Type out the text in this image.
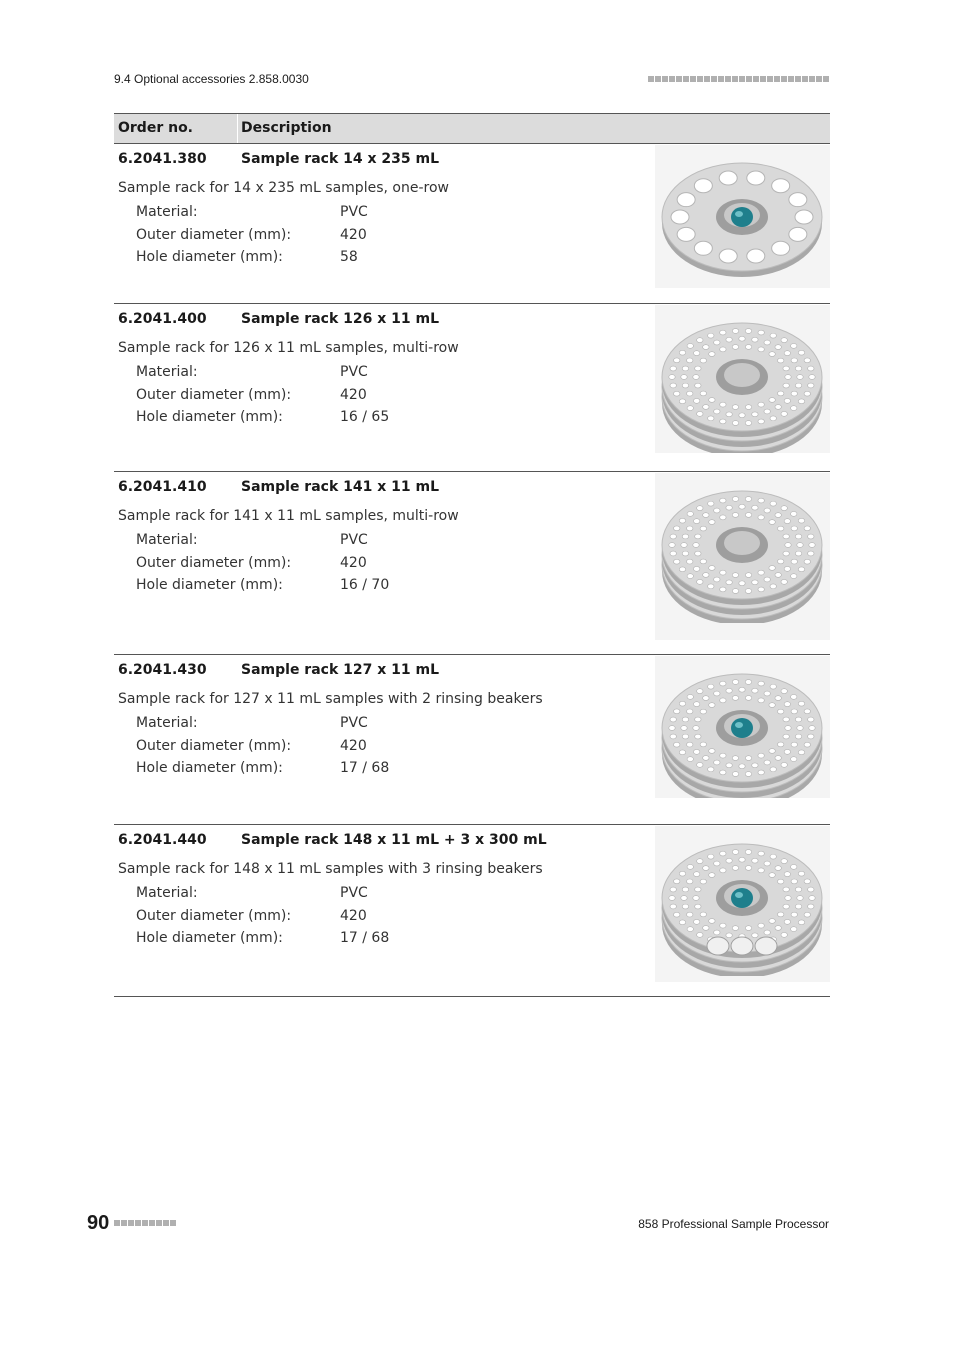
9.4 Optional accessories 2.858.0030
Order no.	Description
6.2041.380 Sample rack 14 x 235 mL
Sample rack for 14 x 235 mL samples, one-row
Material:	PVC
Outer diameter (mm):	420
Hole diameter (mm):	58
6.2041.400 Sample rack 126 x 11 mL
Sample rack for 126 x 11 mL samples, multi-row
Material:	PVC
Outer diameter (mm):	420
Hole diameter (mm):	16 / 65
6.2041.410 Sample rack 141 x 11 mL
Sample rack for 141 x 11 mL samples, multi-row
Material:	PVC
Outer diameter (mm):	420
Hole diameter (mm):	16 / 70
6.2041.430 Sample rack 127 x 11 mL
Sample rack for 127 x 11 mL samples with 2 rinsing beakers
Material:	PVC
Outer diameter (mm):	420
Hole diameter (mm):	17 / 68
6.2041.440 Sample rack 148 x 11 mL + 3 x 300 mL
Sample rack for 148 x 11 mL samples with 3 rinsing beakers
Material:	PVC
Outer diameter (mm):	420
Hole diameter (mm):	17 / 68
90	858 Professional Sample Processor
